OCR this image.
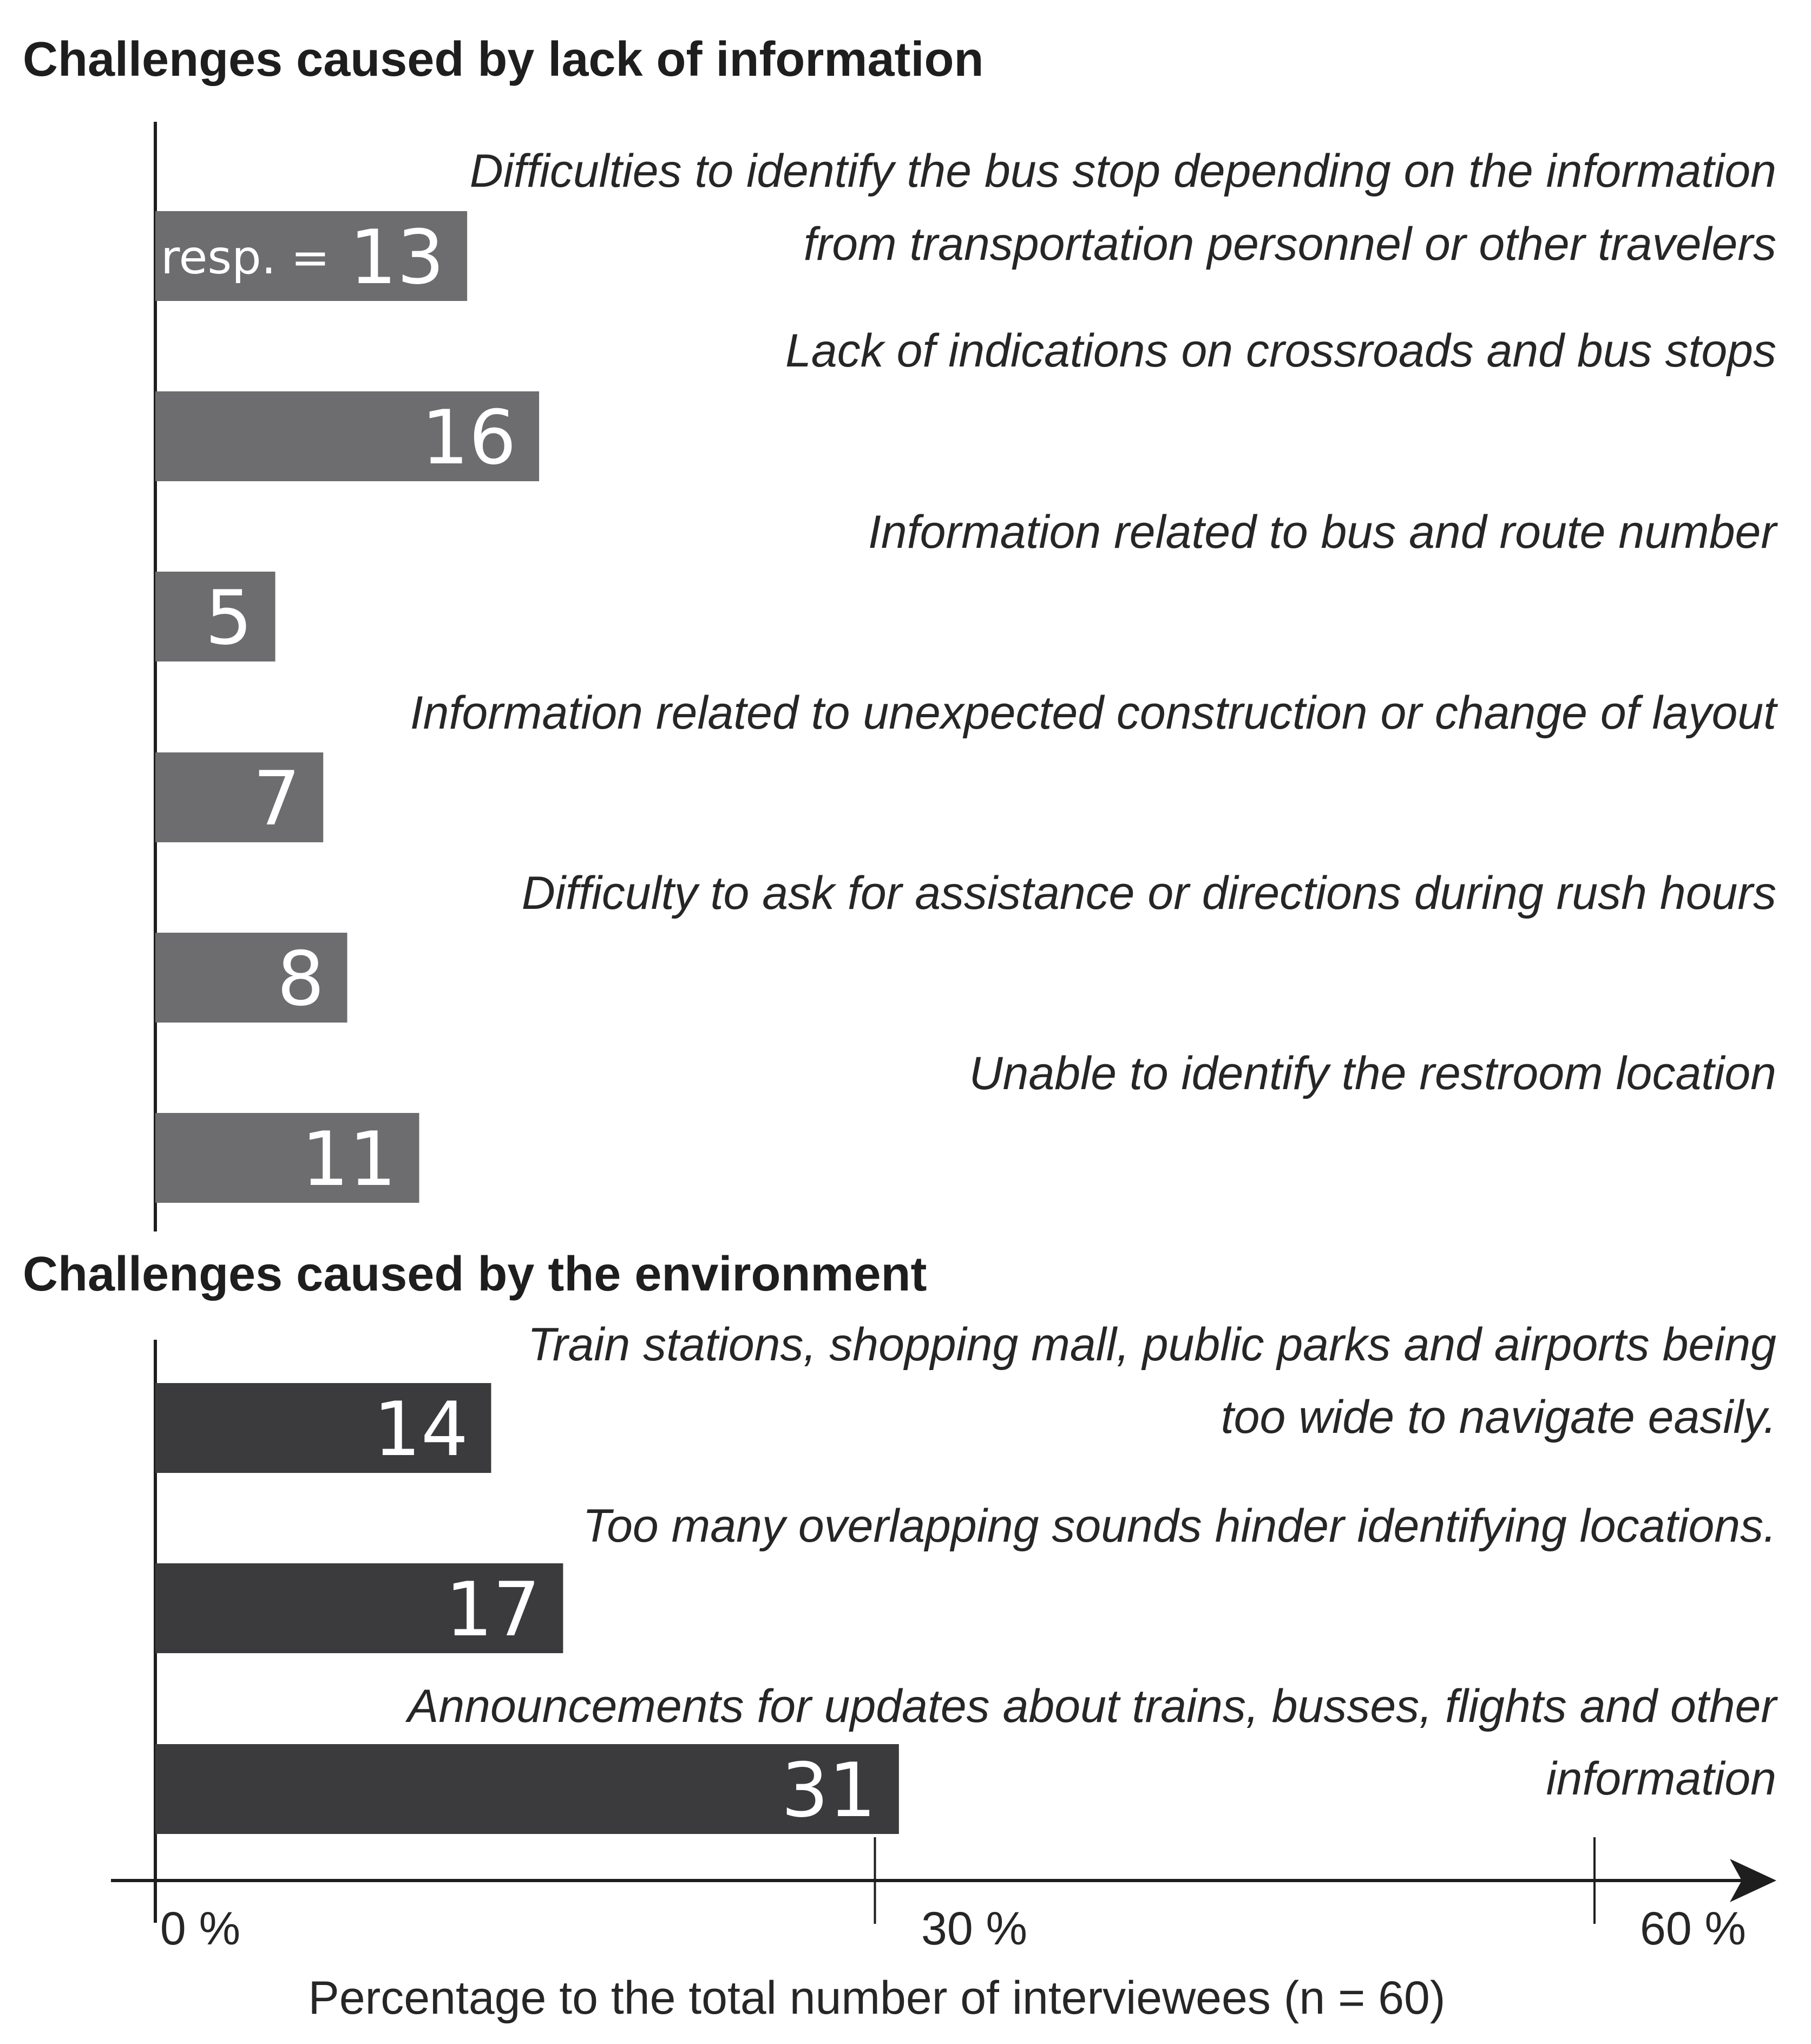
Challenges caused by lack of information
13
# of resp. =
Difficulties to identify the bus stop depending on the information
from transportation personnel or other travelers
16
Lack of indications on crossroads and bus stops
5
Information related to bus and route number
7
Information related to unexpected construction or change of layout
8
Difficulty to ask for assistance or directions during rush hours
11
Unable to identify the restroom location
Challenges caused by the environment
14
Train stations, shopping mall, public parks and airports being
too wide to navigate easily.
17
Too many overlapping sounds hinder identifying locations.
31
Announcements for updates about trains, busses, flights and other
information
0 %	30 %	60 %
Percentage to the total number of interviewees (n = 60)
